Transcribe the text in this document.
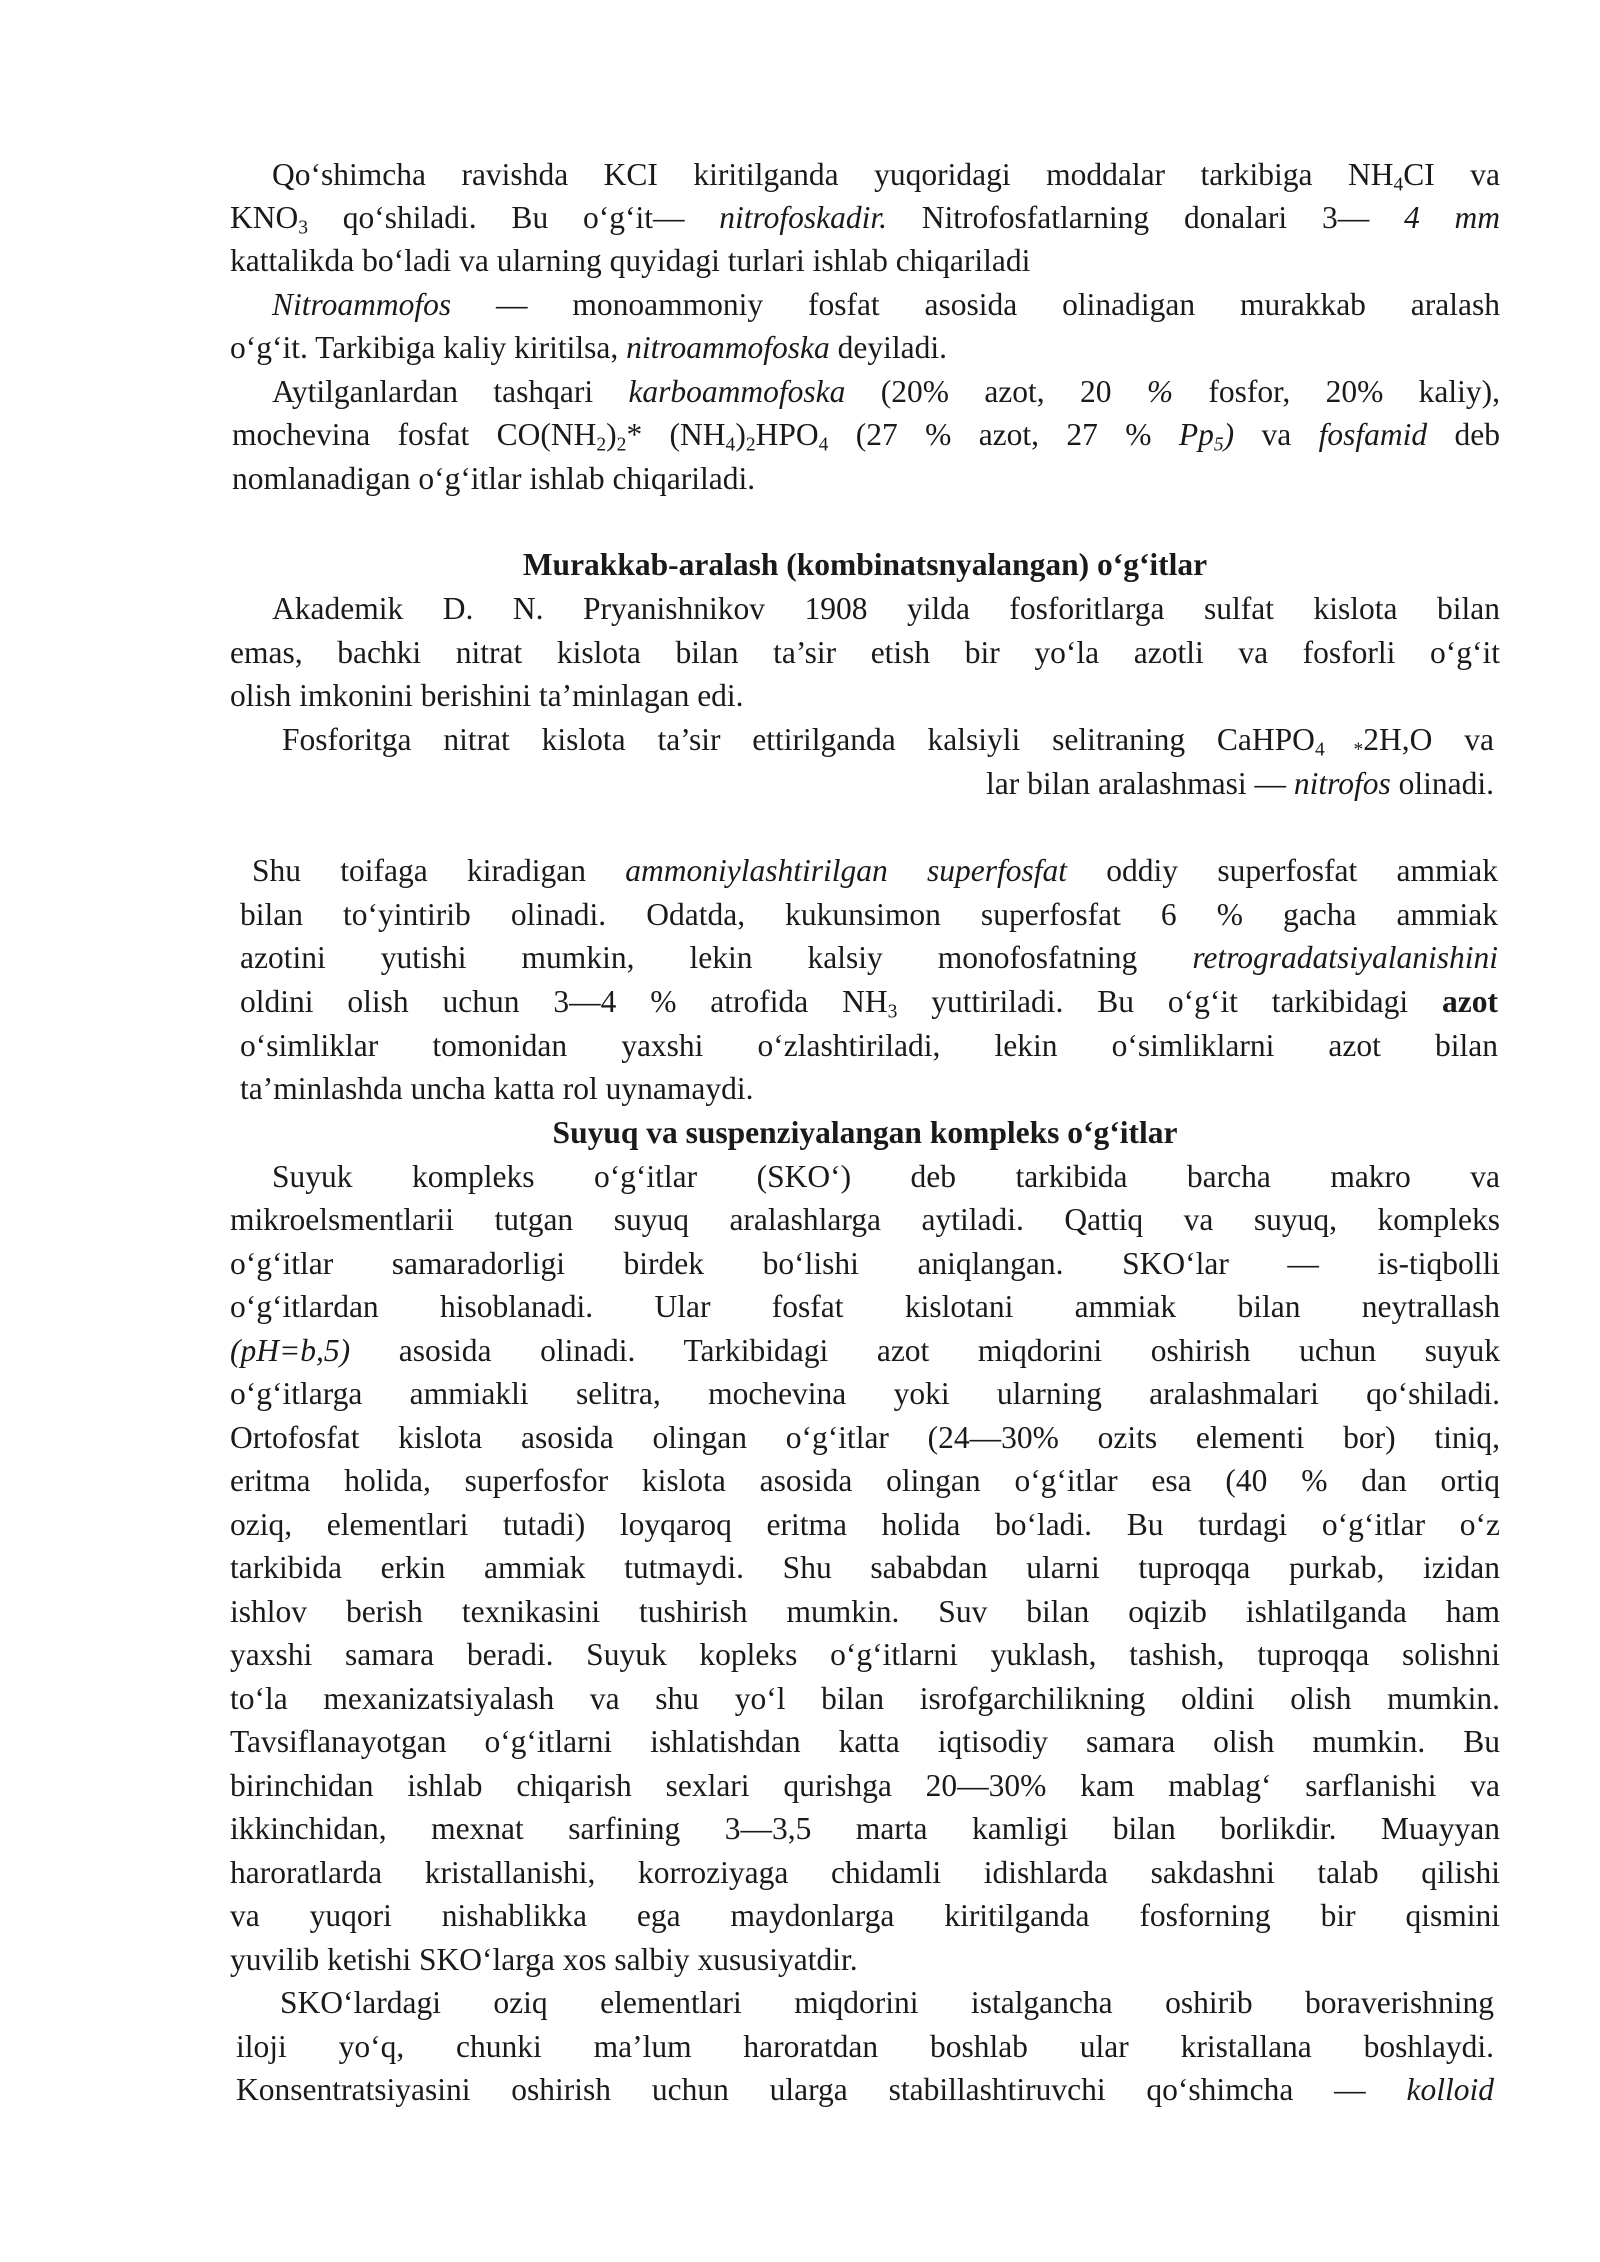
Qo‘shimcha ravishda KCI kiritilganda yuqoridagi moddalar tarkibiga $NH_4CI$ va
$KNO_3$ qo‘shiladi. Bu o‘g‘it— nitrofoskadir. Nitrofosfatlarning donalari 3— 4 mm
kattalikda bo‘ladi va ularning quyidagi turlari ishlab chiqariladi
Nitroammofos — monoammoniy fosfat asosida olinadigan murakkab aralash
o‘g‘it. Tarkibiga kaliy kiritilsa, nitroammofoska deyiladi.
Aytilganlardan tashqari karboammofoska (20% azot, 20 % fosfor, 20% kaliy),
mochevina fosfat $CO(NH_2)_2*$ $(NH_4)_2HPO_4$ (27 % azot, 27 % $Pp_5$) va fosfamid deb
nomlanadigan o‘g‘itlar ishlab chiqariladi.
Murakkab-aralash (kombinatsnyalangan) o‘g‘itlar
Akademik D. N. Pryanishnikov 1908 yilda fosforitlarga sulfat kislota bilan
emas, bachki nitrat kislota bilan ta’sir etish bir yo‘la azotli va fosforli o‘g‘it
olish imkonini berishini ta’minlagan edi.
Fosforitga nitrat kislota ta’sir ettirilganda kalsiyli selitraning CaHPO$_{4 *}$2H,O va
lar bilan aralashmasi — nitrofos olinadi.
Shu toifaga kiradigan ammoniylashtirilgan superfosfat oddiy superfosfat ammiak
bilan to‘yintirib olinadi. Odatda, kukunsimon superfosfat 6 % gacha ammiak
azotini yutishi mumkin, lekin kalsiy monofosfatning retrogradatsiyalanishini
oldini olish uchun 3—4 % atrofida $NH_3$ yuttiriladi. Bu o‘g‘it tarkibidagi azot
o‘simliklar tomonidan yaxshi o‘zlashtiriladi, lekin o‘simliklarni azot bilan
ta’minlashda uncha katta rol uynamaydi.
Suyuq va suspenziyalangan kompleks o‘g‘itlar
Suyuk kompleks o‘g‘itlar (SKO‘) deb tarkibida barcha makro va
mikroelsmentlarii tutgan suyuq aralashlarga aytiladi. Qattiq va suyuq, kompleks
o‘g‘itlar samaradorligi birdek bo‘lishi aniqlangan. SKO‘lar — is-tiqbolli
o‘g‘itlardan hisoblanadi. Ular fosfat kislotani ammiak bilan neytrallash
(pH=b,5) asosida olinadi. Tarkibidagi azot miqdorini oshirish uchun suyuk
o‘g‘itlarga ammiakli selitra, mochevina yoki ularning aralashmalari qo‘shiladi.
Ortofosfat kislota asosida olingan o‘g‘itlar (24—30% ozits elementi bor) tiniq,
eritma holida, superfosfor kislota asosida olingan o‘g‘itlar esa (40 % dan ortiq
oziq, elementlari tutadi) loyqaroq eritma holida bo‘ladi. Bu turdagi o‘g‘itlar o‘z
tarkibida erkin ammiak tutmaydi. Shu sababdan ularni tuproqqa purkab, izidan
ishlov berish texnikasini tushirish mumkin. Suv bilan oqizib ishlatilganda ham
yaxshi samara beradi. Suyuk kopleks o‘g‘itlarni yuklash, tashish, tuproqqa solishni
to‘la mexanizatsiyalash va shu yo‘l bilan isrofgarchilikning oldini olish mumkin.
Tavsiflanayotgan o‘g‘itlarni ishlatishdan katta iqtisodiy samara olish mumkin. Bu
birinchidan ishlab chiqarish sexlari qurishga 20—30% kam mablag‘ sarflanishi va
ikkinchidan, mexnat sarfining 3—3,5 marta kamligi bilan borlikdir. Muayyan
haroratlarda kristallanishi, korroziyaga chidamli idishlarda sakdashni talab qilishi
va yuqori nishablikka ega maydonlarga kiritilganda fosforning bir qismini
yuvilib ketishi SKO‘larga xos salbiy xususiyatdir.
SKO‘lardagi oziq elementlari miqdorini istalgancha oshirib boraverishning
iloji yo‘q, chunki ma’lum haroratdan boshlab ular kristallana boshlaydi.
Konsentratsiyasini oshirish uchun ularga stabillashtiruvchi qo‘shimcha — kolloid
